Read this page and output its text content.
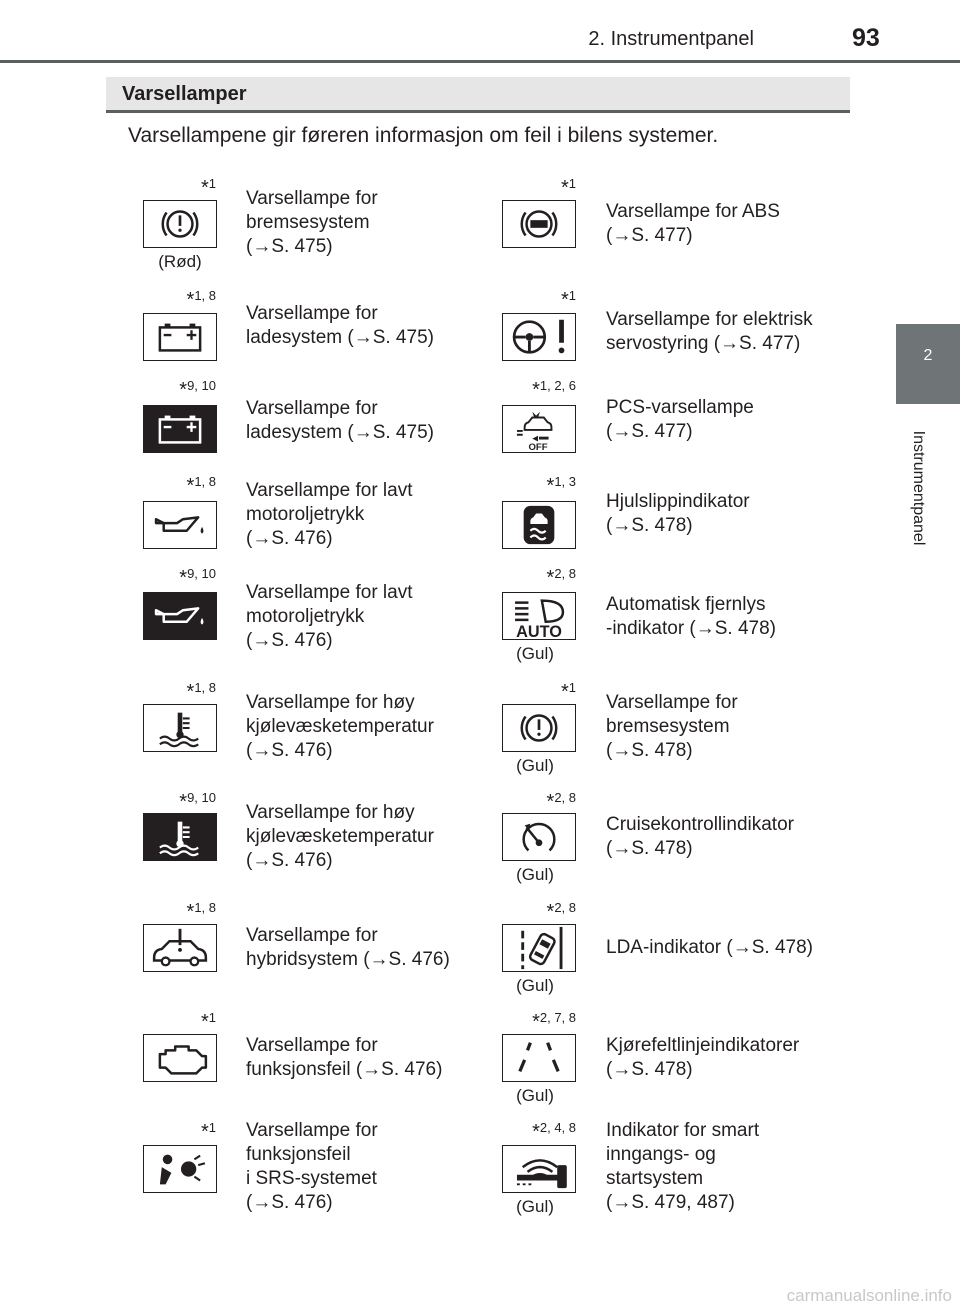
2. Instrumentpanel	93
2
Instrumentpanel
Varsellamper
Varsellampene gir føreren informasjon om feil i bilens systemer.
*1
(Rød)
Varsellampe for
bremsesystem
(→S. 475)
*1, 8
Varsellampe for
ladesystem (→S. 475)
*9, 10
Varsellampe for
ladesystem (→S. 475)
*1, 8 Varsellampe for lavt
motoroljetrykk
(→S. 476)
*9, 10
Varsellampe for lavt
motoroljetrykk
(→S. 476)
*1, 8
Varsellampe for høy
kjølevæsketemperatur
(→S. 476)
*9, 10
Varsellampe for høy
kjølevæsketemperatur
(→S. 476)
*1, 8
Varsellampe for
hybridsystem (→S. 476)
*1
Varsellampe for
funksjonsfeil (→S. 476)
*1 Varsellampe for
funksjonsfeil
i SRS-systemet
(→S. 476)
*1
Varsellampe for ABS
(→S. 477)
*1
Varsellampe for elektrisk
servostyring (→S. 477)
*1, 2, 6
OFF
PCS-varsellampe
(→S. 477)
*1, 3
Hjulslippindikator
(→S. 478)
*2, 8
AUTO
(Gul)
Automatisk fjernlys
-indikator (→S. 478)
*1
(Gul)
Varsellampe for
bremsesystem
(→S. 478)
*2, 8
(Gul)
Cruisekontrollindikator
(→S. 478)
*2, 8
(Gul)
LDA-indikator (→S. 478)
*2, 7, 8
(Gul)
Kjørefeltlinjeindikatorer
(→S. 478)
*2, 4, 8
(Gul)
Indikator for smart
inngangs- og
startsystem
(→S. 479, 487)
carmanualsonline.info
